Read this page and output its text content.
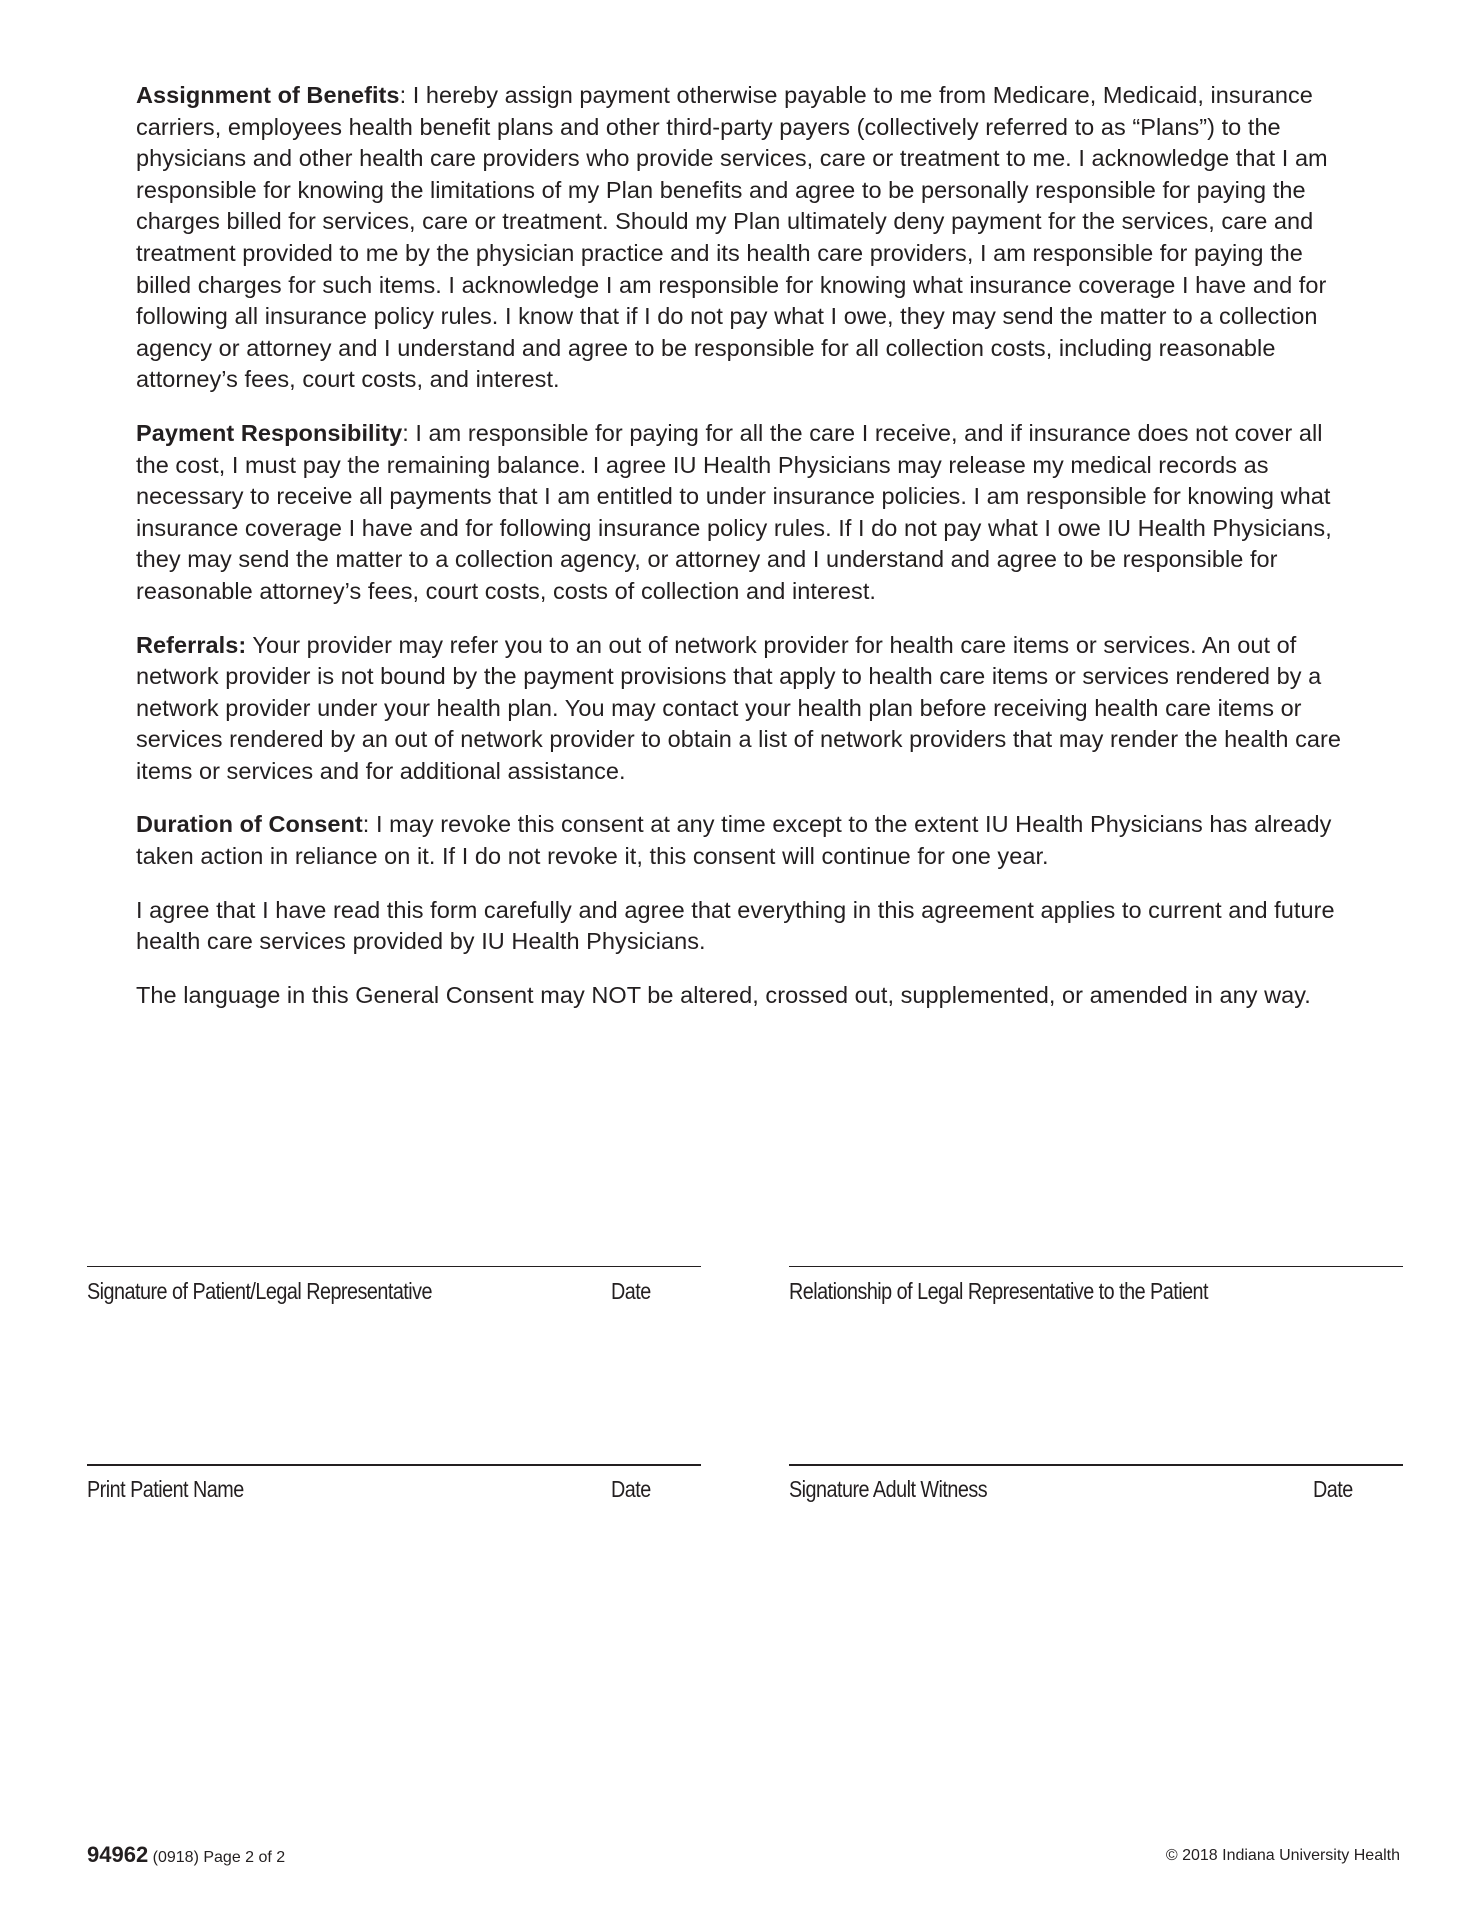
Assignment of Benefits: I hereby assign payment otherwise payable to me from Medicare, Medicaid, insurance carriers, employees health benefit plans and other third-party payers (collectively referred to as “Plans”) to the physicians and other health care providers who provide services, care or treatment to me. I acknowledge that I am responsible for knowing the limitations of my Plan benefits and agree to be personally responsible for paying the charges billed for services, care or treatment. Should my Plan ultimately deny payment for the services, care and treatment provided to me by the physician practice and its health care providers, I am responsible for paying the billed charges for such items. I acknowledge I am responsible for knowing what insurance coverage I have and for following all insurance policy rules. I know that if I do not pay what I owe, they may send the matter to a collection agency or attorney and I understand and agree to be responsible for all collection costs, including reasonable attorney’s fees, court costs, and interest.

Payment Responsibility: I am responsible for paying for all the care I receive, and if insurance does not cover all the cost, I must pay the remaining balance. I agree IU Health Physicians may release my medical records as necessary to receive all payments that I am entitled to under insurance policies. I am responsible for knowing what insurance coverage I have and for following insurance policy rules. If I do not pay what I owe IU Health Physicians, they may send the matter to a collection agency, or attorney and I understand and agree to be responsible for reasonable attorney’s fees, court costs, costs of collection and interest.

Referrals: Your provider may refer you to an out of network provider for health care items or services. An out of network provider is not bound by the payment provisions that apply to health care items or services rendered by a network provider under your health plan. You may contact your health plan before receiving health care items or services rendered by an out of network provider to obtain a list of network providers that may render the health care items or services and for additional assistance.

Duration of Consent: I may revoke this consent at any time except to the extent IU Health Physicians has already taken action in reliance on it. If I do not revoke it, this consent will continue for one year.

I agree that I have read this form carefully and agree that everything in this agreement applies to current and future health care services provided by IU Health Physicians.

The language in this General Consent may NOT be altered, crossed out, supplemented, or amended in any way.

Signature of Patient/Legal Representative	Date	Relationship of Legal Representative to the Patient
Print Patient Name	Date	Signature Adult Witness	Date
94962 (0918) Page 2 of 2	© 2018 Indiana University Health
